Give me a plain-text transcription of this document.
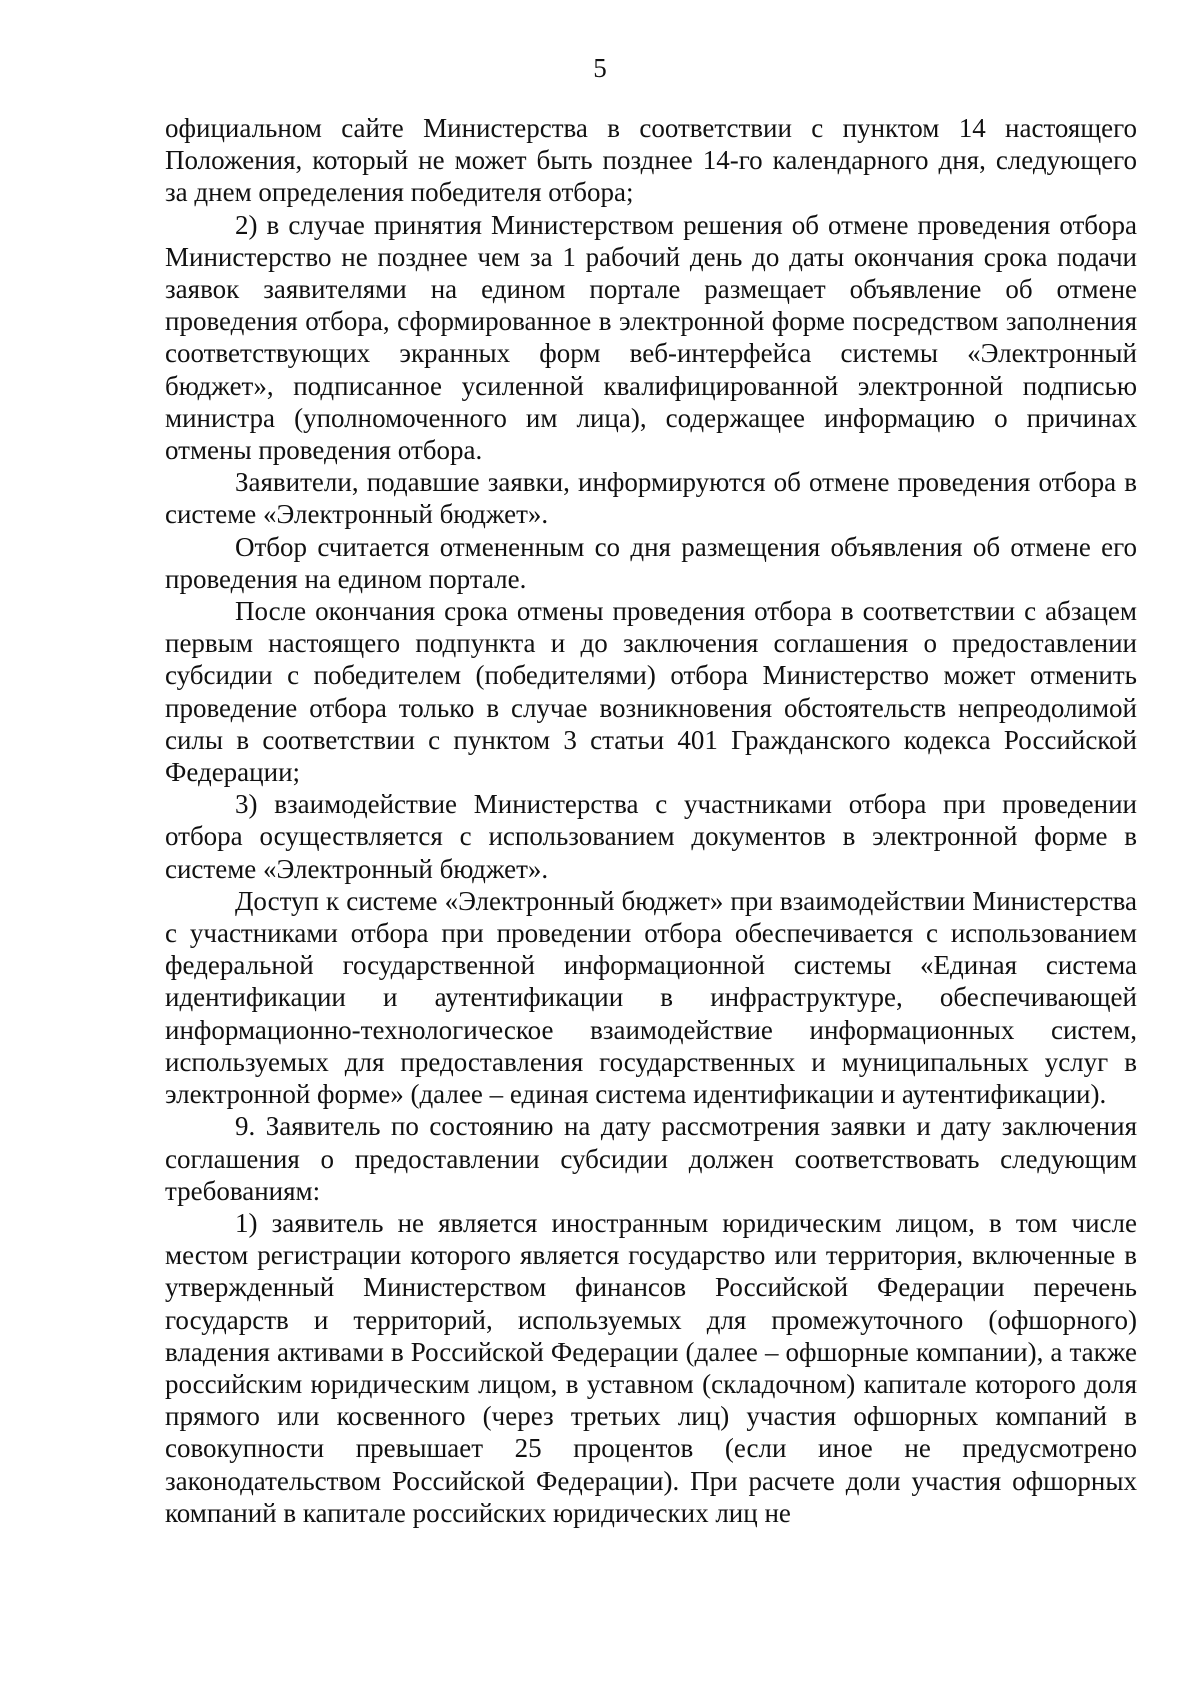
5

официальном сайте Министерства в соответствии с пунктом 14 настоящего Положения, который не может быть позднее 14-го календарного дня, следующего за днем определения победителя отбора;

2) в случае принятия Министерством решения об отмене проведения отбора Министерство не позднее чем за 1 рабочий день до даты окончания срока подачи заявок заявителями на едином портале размещает объявление об отмене проведения отбора, сформированное в электронной форме посредством заполнения соответствующих экранных форм веб-интерфейса системы «Электронный бюджет», подписанное усиленной квалифицированной электронной подписью министра (уполномоченного им лица), содержащее информацию о причинах отмены проведения отбора.

Заявители, подавшие заявки, информируются об отмене проведения отбора в системе «Электронный бюджет».

Отбор считается отмененным со дня размещения объявления об отмене его проведения на едином портале.

После окончания срока отмены проведения отбора в соответствии с абзацем первым настоящего подпункта и до заключения соглашения о предоставлении субсидии с победителем (победителями) отбора Министерство может отменить проведение отбора только в случае возникновения обстоятельств непреодолимой силы в соответствии с пунктом 3 статьи 401 Гражданского кодекса Российской Федерации;

3) взаимодействие Министерства с участниками отбора при проведении отбора осуществляется с использованием документов в электронной форме в системе «Электронный бюджет».

Доступ к системе «Электронный бюджет» при взаимодействии Министерства с участниками отбора при проведении отбора обеспечивается с использованием федеральной государственной информационной системы «Единая система идентификации и аутентификации в инфраструктуре, обеспечивающей информационно-технологическое взаимодействие информационных систем, используемых для предоставления государственных и муниципальных услуг в электронной форме» (далее – единая система идентификации и аутентификации).

9. Заявитель по состоянию на дату рассмотрения заявки и дату заключения соглашения о предоставлении субсидии должен соответствовать следующим требованиям:

1) заявитель не является иностранным юридическим лицом, в том числе местом регистрации которого является государство или территория, включенные в утвержденный Министерством финансов Российской Федерации перечень государств и территорий, используемых для промежуточного (офшорного) владения активами в Российской Федерации (далее – офшорные компании), а также российским юридическим лицом, в уставном (складочном) капитале которого доля прямого или косвенного (через третьих лиц) участия офшорных компаний в совокупности превышает 25 процентов (если иное не предусмотрено законодательством Российской Федерации). При расчете доли участия офшорных компаний в капитале российских юридических лиц не
